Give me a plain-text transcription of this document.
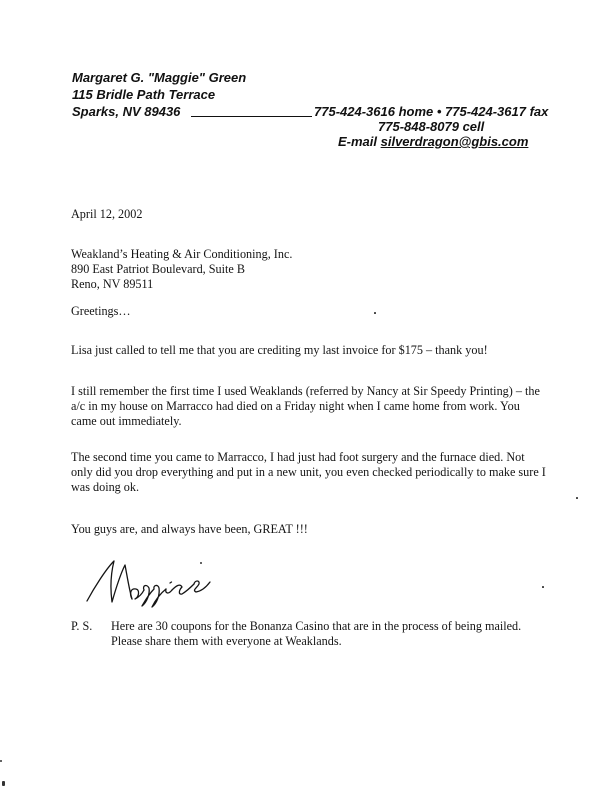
Margaret G. "Maggie" Green
115 Bridle Path Terrace
Sparks, NV 89436	775-424-3616 home • 775-424-3617 fax
775-848-8079 cell
E-mail silverdragon@gbis.com
April 12, 2002
Weakland’s Heating & Air Conditioning, Inc.
890 East Patriot Boulevard, Suite B
Reno, NV 89511
Greetings…
Lisa just called to tell me that you are crediting my last invoice for $175 – thank you!
I still remember the first time I used Weaklands (referred by Nancy at Sir Speedy Printing) – the
a/c in my house on Marracco had died on a Friday night when I came home from work. You
came out immediately.
The second time you came to Marracco, I had just had foot surgery and the furnace died. Not
only did you drop everything and put in a new unit, you even checked periodically to make sure I
was doing ok.
You guys are, and always have been, GREAT !!!
P. S. Here are 30 coupons for the Bonanza Casino that are in the process of being mailed.
Please share them with everyone at Weaklands.
